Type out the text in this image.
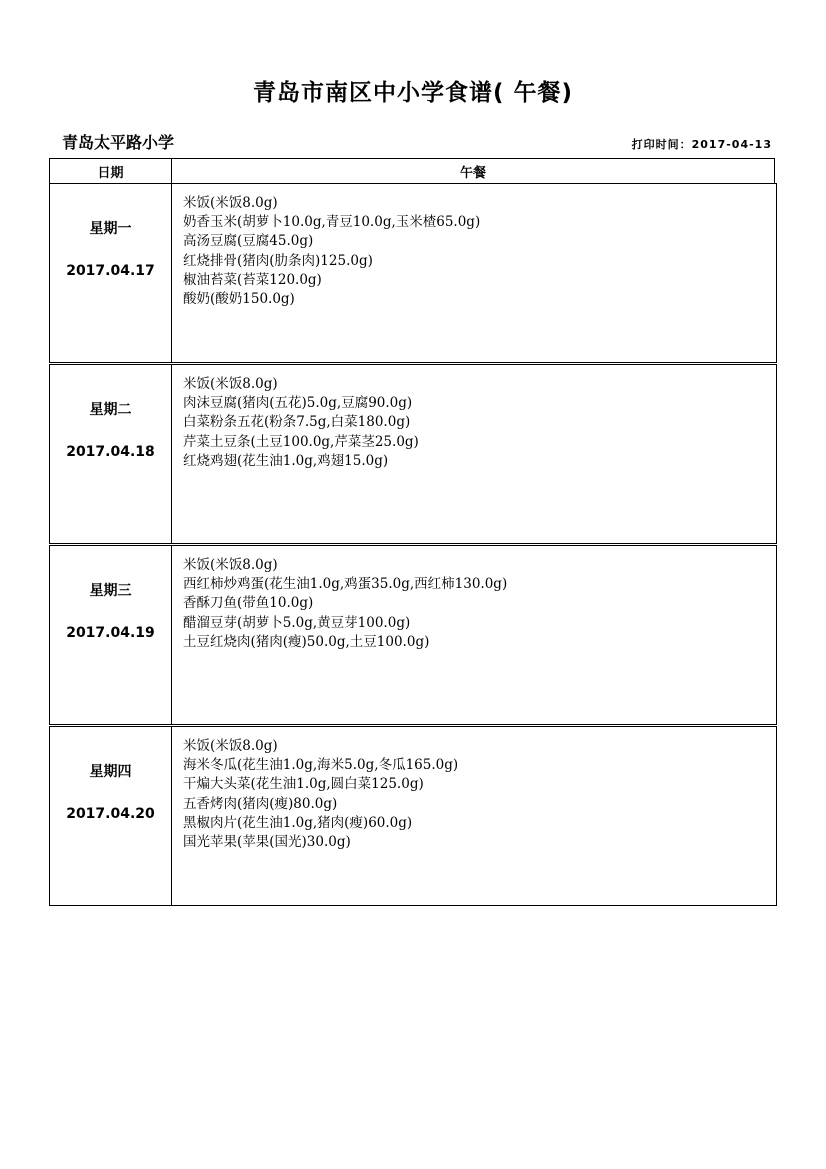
青岛市南区中小学食谱( 午餐)
青岛太平路小学	打印时间：2017-04-13
日期	午餐
星期一
2017.04.17
米饭(米饭8.0g)
奶香玉米(胡萝卜10.0g,青豆10.0g,玉米楂65.0g)
高汤豆腐(豆腐45.0g)
红烧排骨(猪肉(肋条肉)125.0g)
椒油苔菜(苔菜120.0g)
酸奶(酸奶150.0g)
星期二
2017.04.18
米饭(米饭8.0g)
肉沫豆腐(猪肉(五花)5.0g,豆腐90.0g)
白菜粉条五花(粉条7.5g,白菜180.0g)
芹菜土豆条(土豆100.0g,芹菜茎25.0g)
红烧鸡翅(花生油1.0g,鸡翅15.0g)
星期三
2017.04.19
米饭(米饭8.0g)
西红柿炒鸡蛋(花生油1.0g,鸡蛋35.0g,西红柿130.0g)
香酥刀鱼(带鱼10.0g)
醋溜豆芽(胡萝卜5.0g,黄豆芽100.0g)
土豆红烧肉(猪肉(瘦)50.0g,土豆100.0g)
星期四
2017.04.20
米饭(米饭8.0g)
海米冬瓜(花生油1.0g,海米5.0g,冬瓜165.0g)
干煸大头菜(花生油1.0g,圆白菜125.0g)
五香烤肉(猪肉(瘦)80.0g)
黑椒肉片(花生油1.0g,猪肉(瘦)60.0g)
国光苹果(苹果(国光)30.0g)
